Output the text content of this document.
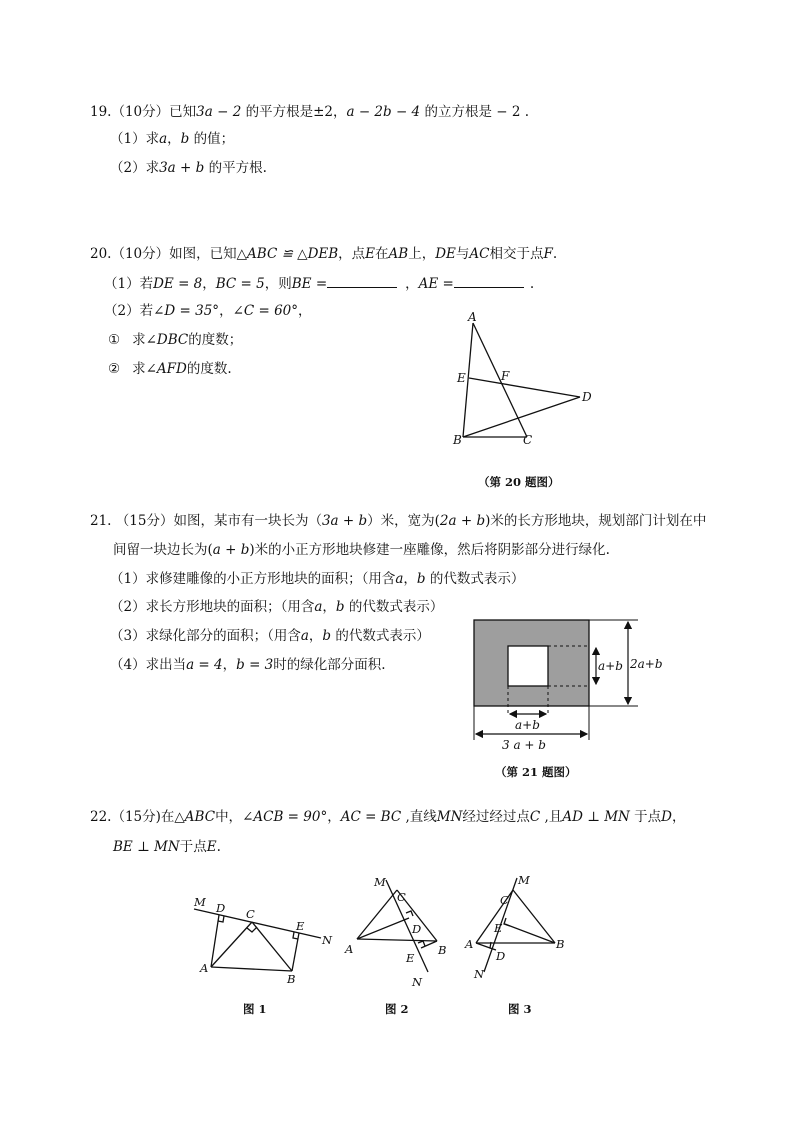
19.（10分）已知3a − 2 的平方根是±2，a − 2b − 4 的立方根是 − 2 .
（1）求a，b 的值；
（2）求3a + b 的平方根.
20.（10分）如图，已知△ABC ≌ △DEB，点E在AB上，DE与AC相交于点F.
（1）若DE = 8，BC = 5，则BE =	，AE =	.
（2）若∠D = 35°，∠C = 60°，
① 求∠DBC的度数；
② 求∠AFD的度数.
A
E	F
D
B	C
（第 20 题图）
21. （15分）如图，某市有一块长为（3a + b）米，宽为(2a + b)米的长方形地块，规划部门计划在中
间留一块边长为(a + b)米的小正方形地块修建一座雕像，然后将阴影部分进行绿化.
（1）求修建雕像的小正方形地块的面积；（用含a，b 的代数式表示）
（2）求长方形地块的面积；（用含a，b 的代数式表示）
（3）求绿化部分的面积；（用含a，b 的代数式表示）
（4）求出当a = 4，b = 3时的绿化部分面积.	a+b 2a+b
a+b
3 a + b
（第 21 题图）
22.（15分)在△ABC中，∠ACB = 90°，AC = BC ,直线MN经过经过点C ,且AD ⊥ MN 于点D，
BE ⊥ MN于点E.
M D C
E
N
A
B
图 1
M
C
D
A	B
E
N
图 2
M
C
E
A	B
D
N
图 3
